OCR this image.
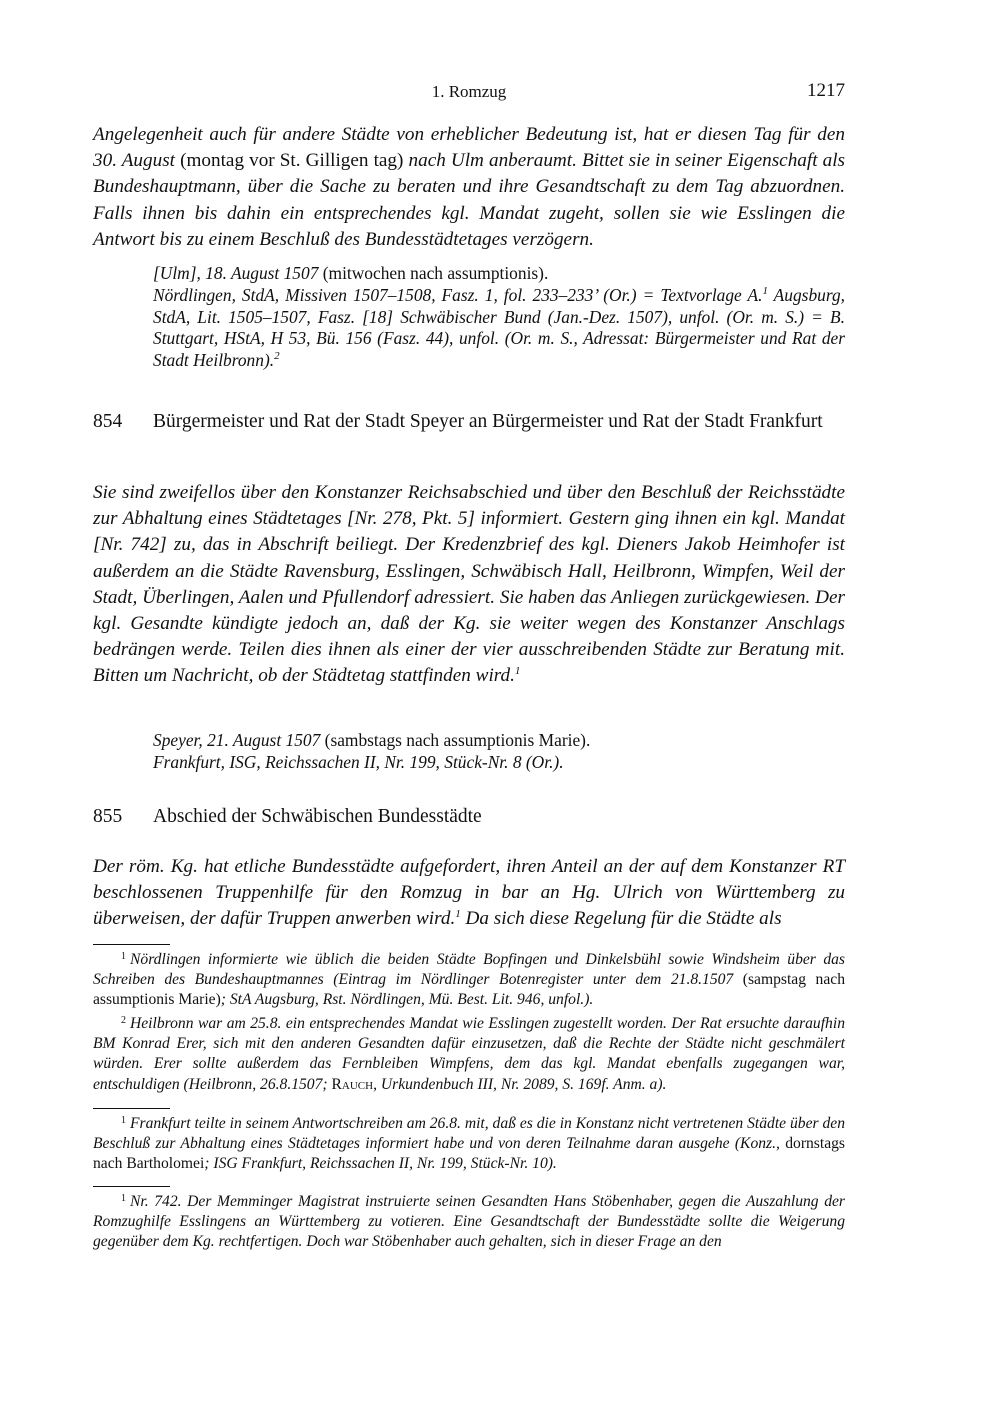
1. Romzug	1217
Angelegenheit auch für andere Städte von erheblicher Bedeutung ist, hat er diesen Tag für den 30. August (montag vor St. Gilligen tag) nach Ulm anberaumt. Bittet sie in seiner Eigenschaft als Bundeshauptmann, über die Sache zu beraten und ihre Gesandtschaft zu dem Tag abzuordnen. Falls ihnen bis dahin ein entsprechendes kgl. Mandat zugeht, sollen sie wie Esslingen die Antwort bis zu einem Beschluß des Bundesstädtetages verzögern.
[Ulm], 18. August 1507 (mitwochen nach assumptionis).
Nördlingen, StdA, Missiven 1507–1508, Fasz. 1, fol. 233–233’ (Or.) = Textvorlage A.$^1$ Augsburg, StdA, Lit. 1505–1507, Fasz. [18] Schwäbischer Bund (Jan.-Dez. 1507), unfol. (Or. m. S.) = B. Stuttgart, HStA, H 53, Bü. 156 (Fasz. 44), unfol. (Or. m. S., Adressat: Bürgermeister und Rat der Stadt Heilbronn).$^2$
854 Bürgermeister und Rat der Stadt Speyer an Bürgermeister und Rat der Stadt Frankfurt
Sie sind zweifellos über den Konstanzer Reichsabschied und über den Beschluß der Reichsstädte zur Abhaltung eines Städtetages [Nr. 278, Pkt. 5] informiert. Gestern ging ihnen ein kgl. Mandat [Nr. 742] zu, das in Abschrift beiliegt. Der Kredenzbrief des kgl. Dieners Jakob Heimhofer ist außerdem an die Städte Ravensburg, Esslingen, Schwäbisch Hall, Heilbronn, Wimpfen, Weil der Stadt, Überlingen, Aalen und Pfullendorf adressiert. Sie haben das Anliegen zurückgewiesen. Der kgl. Gesandte kündigte jedoch an, daß der Kg. sie weiter wegen des Konstanzer Anschlags bedrängen werde. Teilen dies ihnen als einer der vier ausschreibenden Städte zur Beratung mit. Bitten um Nachricht, ob der Städtetag stattfinden wird.$^1$
Speyer, 21. August 1507 (sambstags nach assumptionis Marie).
Frankfurt, ISG, Reichssachen II, Nr. 199, Stück-Nr. 8 (Or.).
855 Abschied der Schwäbischen Bundesstädte
Der röm. Kg. hat etliche Bundesstädte aufgefordert, ihren Anteil an der auf dem Konstanzer RT beschlossenen Truppenhilfe für den Romzug in bar an Hg. Ulrich von Württemberg zu überweisen, der dafür Truppen anwerben wird.$^1$ Da sich diese Regelung für die Städte als
$^1$ Nördlingen informierte wie üblich die beiden Städte Bopfingen und Dinkelsbühl sowie Windsheim über das Schreiben des Bundeshauptmannes (Eintrag im Nördlinger Botenregister unter dem 21.8.1507 (sampstag nach assumptionis Marie); StA Augsburg, Rst. Nördlingen, Mü. Best. Lit. 946, unfol.).
$^2$ Heilbronn war am 25.8. ein entsprechendes Mandat wie Esslingen zugestellt worden. Der Rat ersuchte daraufhin BM Konrad Erer, sich mit den anderen Gesandten dafür einzusetzen, daß die Rechte der Städte nicht geschmälert würden. Erer sollte außerdem das Fernbleiben Wimpfens, dem das kgl. Mandat ebenfalls zugegangen war, entschuldigen (Heilbronn, 26.8.1507; Rauch, Urkundenbuch III, Nr. 2089, S. 169f. Anm. a).
$^1$ Frankfurt teilte in seinem Antwortschreiben am 26.8. mit, daß es die in Konstanz nicht vertretenen Städte über den Beschluß zur Abhaltung eines Städtetages informiert habe und von deren Teilnahme daran ausgehe (Konz., dornstags nach Bartholomei; ISG Frankfurt, Reichssachen II, Nr. 199, Stück-Nr. 10).
$^1$ Nr. 742. Der Memminger Magistrat instruierte seinen Gesandten Hans Stöbenhaber, gegen die Auszahlung der Romzughilfe Esslingens an Württemberg zu votieren. Eine Gesandtschaft der Bundesstädte sollte die Weigerung gegenüber dem Kg. rechtfertigen. Doch war Stöbenhaber auch gehalten, sich in dieser Frage an den
